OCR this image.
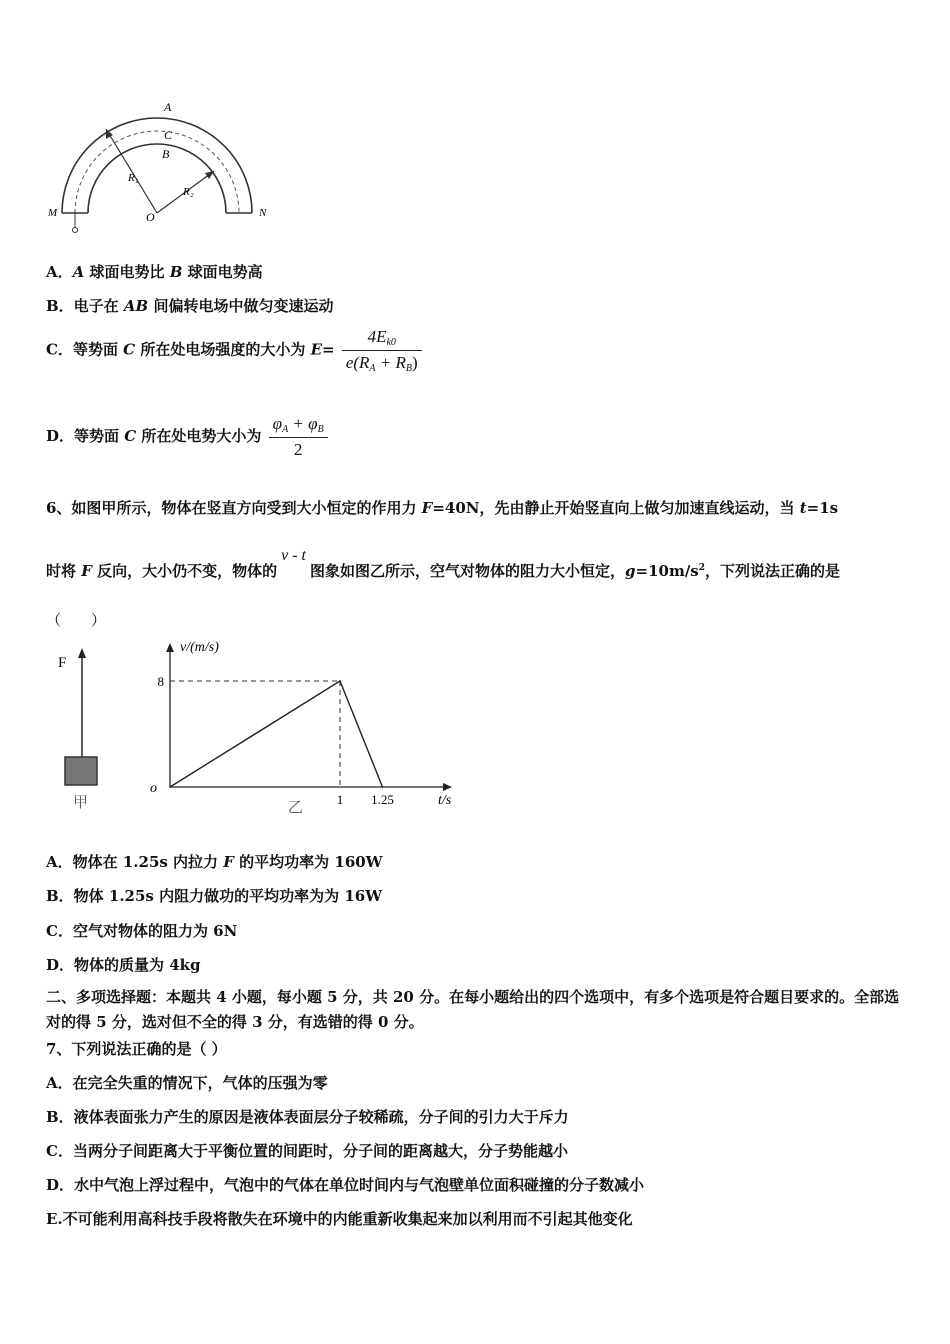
A
C
B
R₁
R₂
O
M	N
A．A 球面电势比 B 球面电势高
B．电子在 AB 间偏转电场中做匀变速运动
C．等势面 C 所在处电场强度的大小为 $E= \frac{4E_{k0}}{e(R_A + R_B)}$
D．等势面 C 所在处电势大小为 $\frac{\varphi_A + \varphi_B}{2}$
6、如图甲所示，物体在竖直方向受到大小恒定的作用力 F=40N，先由静止开始竖直向上做匀加速直线运动，当 t=1s
时将 F 反向，大小仍不变，物体的v - t图象如图乙所示，空气对物体的阻力大小恒定，$g=10m/s^2$，下列说法正确的是
（　　）
F
甲
v/(m/s)
t/s
o
8
1 1.25
乙
A．物体在 1.25s 内拉力 F 的平均功率为 160W
B．物体 1.25s 内阻力做功的平均功率为为 16W
C．空气对物体的阻力为 6N
D．物体的质量为 4kg
二、多项选择题：本题共 4 小题，每小题 5 分，共 20 分。在每小题给出的四个选项中，有多个选项是符合题目要求的。全部选对的得 5 分，选对但不全的得 3 分，有选错的得 0 分。
7、下列说法正确的是（ ）
A．在完全失重的情况下，气体的压强为零
B．液体表面张力产生的原因是液体表面层分子较稀疏，分子间的引力大于斥力
C．当两分子间距离大于平衡位置的间距时，分子间的距离越大，分子势能越小
D．水中气泡上浮过程中，气泡中的气体在单位时间内与气泡壁单位面积碰撞的分子数减小
E.不可能利用高科技手段将散失在环境中的内能重新收集起来加以利用而不引起其他变化
